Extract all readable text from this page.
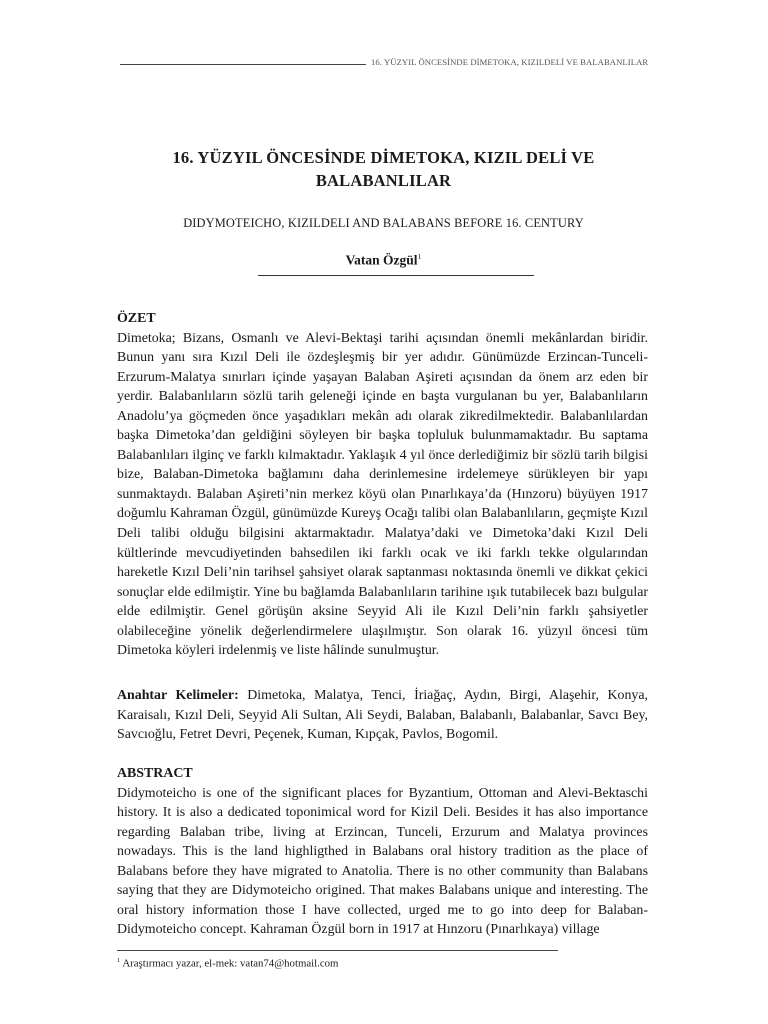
16. YÜZYIL ÖNCESİNDE DİMETOKA, KIZILDELİ VE BALABANLILAR
16. YÜZYIL ÖNCESİNDE DİMETOKA, KIZIL DELİ VE BALABANLILAR
DIDYMOTEICHO, KIZILDELI AND BALABANS BEFORE 16. CENTURY
Vatan Özgül$^1$
ÖZET

Dimetoka; Bizans, Osmanlı ve Alevi-Bektaşi tarihi açısından önemli mekânlardan biridir. Bunun yanı sıra Kızıl Deli ile özdeşleşmiş bir yer adıdır. Günümüzde Erzincan-Tunceli-Erzurum-Malatya sınırları içinde yaşayan Balaban Aşireti açısından da önem arz eden bir yerdir. Balabanlıların sözlü tarih geleneği içinde en başta vurgulanan bu yer, Balabanlıların Anadolu’ya göçmeden önce yaşadıkları mekân adı olarak zikredilmektedir. Balabanlılardan başka Dimetoka’dan geldiğini söyleyen bir başka topluluk bulunmamaktadır. Bu saptama Balabanlıları ilginç ve farklı kılmaktadır. Yaklaşık 4 yıl önce derlediğimiz bir sözlü tarih bilgisi bize, Balaban-Dimetoka bağlamını daha derinlemesine irdelemeye sürükleyen bir yapı sunmaktaydı. Balaban Aşireti’nin merkez köyü olan Pınarlıkaya’da (Hınzoru) büyüyen 1917 doğumlu Kahraman Özgül, günümüzde Kureyş Ocağı talibi olan Balabanlıların, geçmişte Kızıl Deli talibi olduğu bilgisini aktarmaktadır. Malatya’daki ve Dimetoka’daki Kızıl Deli kültlerinde mevcudiyetinden bahsedilen iki farklı ocak ve iki farklı tekke olgularından hareketle Kızıl Deli’nin tarihsel şahsiyet olarak saptanması noktasında önemli ve dikkat çekici sonuçlar elde edilmiştir. Yine bu bağlamda Balabanlıların tarihine ışık tutabilecek bazı bulgular elde edilmiştir. Genel görüşün aksine Seyyid Ali ile Kızıl Deli’nin farklı şahsiyetler olabileceğine yönelik değerlendirmelere ulaşılmıştır. Son olarak 16. yüzyıl öncesi tüm Dimetoka köyleri irdelenmiş ve liste hâlinde sunulmuştur.

Anahtar Kelimeler: Dimetoka, Malatya, Tenci, İriağaç, Aydın, Birgi, Alaşehir, Konya, Karaisalı, Kızıl Deli, Seyyid Ali Sultan, Ali Seydi, Balaban, Balabanlı, Balabanlar, Savcı Bey, Savcıoğlu, Fetret Devri, Peçenek, Kuman, Kıpçak, Pavlos, Bogomil.

ABSTRACT

Didymoteicho is one of the significant places for Byzantium, Ottoman and Alevi-Bektaschi history. It is also a dedicated toponimical word for Kizil Deli. Besides it has also importance regarding Balaban tribe, living at Erzincan, Tunceli, Erzurum and Malatya provinces nowadays. This is the land highligthed in Balabans oral history tradition as the place of Balabans before they have migrated to Anatolia. There is no other community than Balabans saying that they are Didymoteicho origined. That makes Balabans unique and interesting. The oral history information those I have collected, urged me to go into deep for Balaban-Didymoteicho concept. Kahraman Özgül born in 1917 at Hınzoru (Pınarlıkaya) village

$^1$ Araştırmacı yazar, el-mek: vatan74@hotmail.com
